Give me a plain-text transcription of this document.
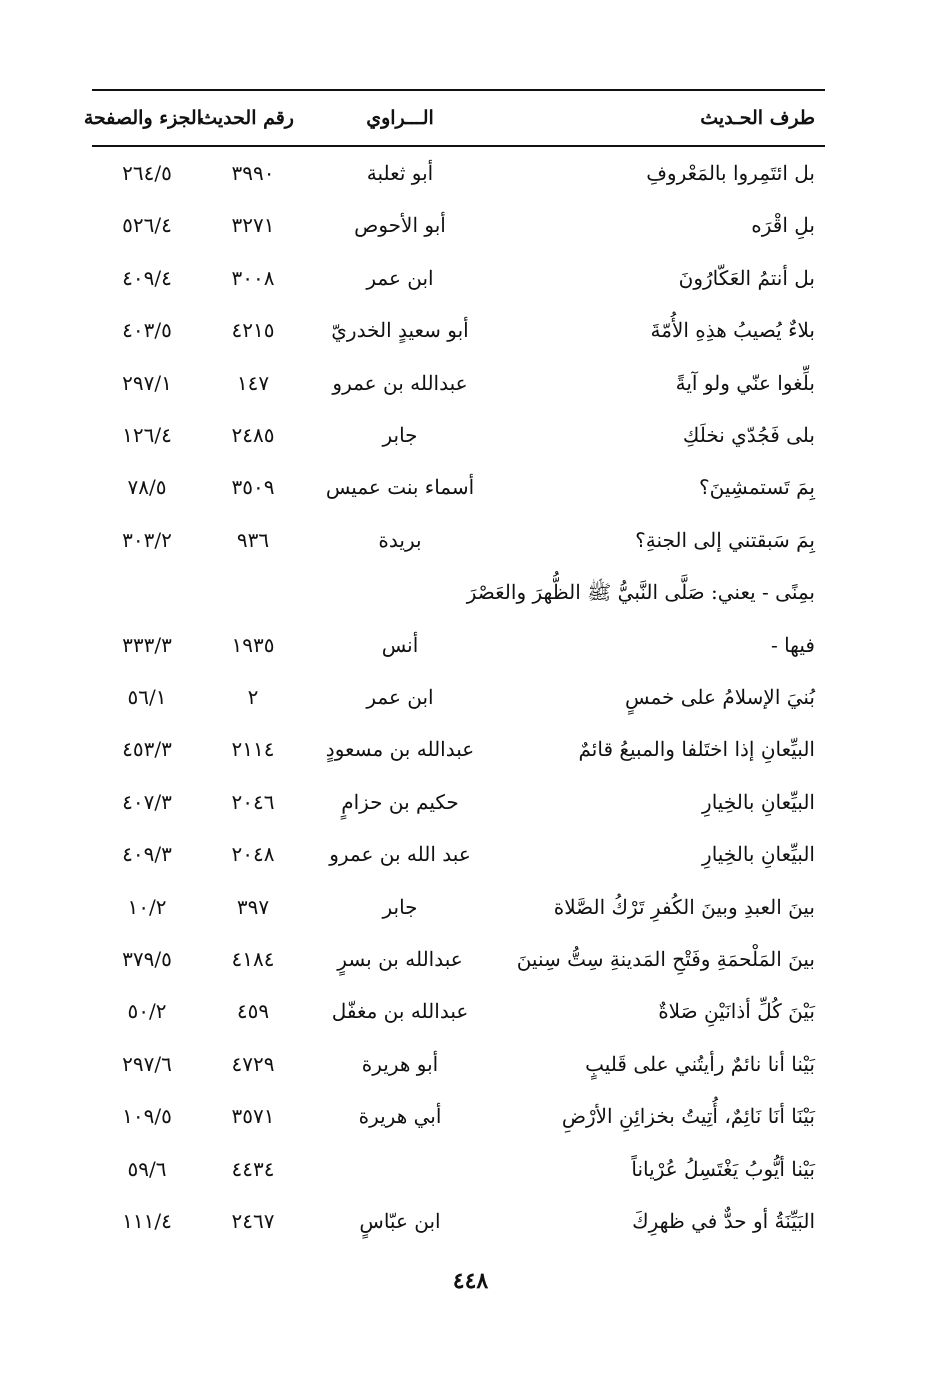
طرف الحـديث
الـــراوي
رقم الحديث
الجزء والصفحة
بل ائتَمِروا بالمَعْروفِ
أبو ثعلبة
٣٩٩٠
٢٦٤/٥
بلِ اقْرَه
أبو الأحوص
٣٢٧١
٥٢٦/٤
بل أنتمُ العَكّارُونَ
ابن عمر
٣٠٠٨
٤٠٩/٤
بلاءٌ يُصيبُ هذِهِ الأُمّةَ
أبو سعيدٍ الخدريّ
٤٢١٥
٤٠٣/٥
بلِّغوا عنّي ولو آيةً
عبدالله بن عمرو
١٤٧
٢٩٧/١
بلى فَجُدّي نخلَكِ
جابر
٢٤٨٥
١٢٦/٤
بِمَ تَستمشِينَ؟
أسماء بنت عميس
٣٥٠٩
٧٨/٥
بِمَ سَبقتني إلى الجنةِ؟
بريدة
٩٣٦
٣٠٣/٢
بمِنًى - يعني: صَلَّى النَّبيُّ ﷺ الظُّهرَ والعَصْرَ
فيها -
أنس
١٩٣٥
٣٣٣/٣
بُنيَ الإسلامُ على خمسٍ
ابن عمر
٢
٥٦/١
البيِّعانِ إذا اختَلفا والمبيعُ قائمٌ
عبدالله بن مسعودٍ
٢١١٤
٤٥٣/٣
البيِّعانِ بالخِيارِ
حكيم بن حزامٍ
٢٠٤٦
٤٠٧/٣
البيِّعانِ بالخِيارِ
عبد الله بن عمرو
٢٠٤٨
٤٠٩/٣
بينَ العبدِ وبينَ الكُفرِ تَرْكُ الصَّلاة
جابر
٣٩٧
١٠/٢
بينَ المَلْحمَةِ وفَتْحِ المَدينةِ سِتُّ سِنينَ
عبدالله بن بسرٍ
٤١٨٤
٣٧٩/٥
بَيْنَ كُلِّ أذانَيْنِ صَلاةٌ
عبدالله بن مغفّل
٤٥٩
٥٠/٢
بَيْنا أنا نائمٌ رأيتُني على قَليبٍ
أبو هريرة
٤٧٢٩
٢٩٧/٦
بَيْنَا أنَا نَائِمٌ، أُتِيتُ بخزائِنِ الأرْضِ
أبي هريرة
٣٥٧١
١٠٩/٥
بَيْنا أيُّوبُ يَغْتَسِلُ عُرْياناً
٤٤٣٤
٥٩/٦
البَيِّنَةُ أو حدٌّ في ظهرِكَ
ابن عبّاسٍ
٢٤٦٧
١١١/٤
٤٤٨
